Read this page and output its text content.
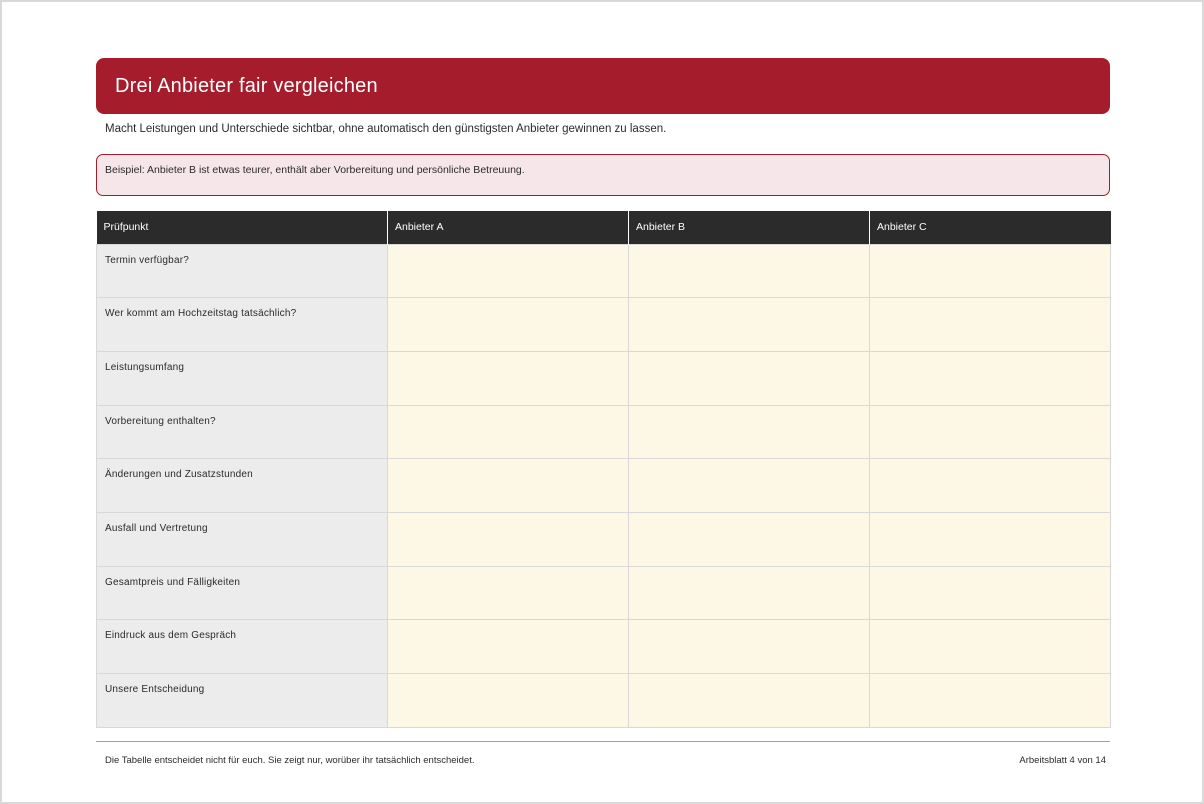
Drei Anbieter fair vergleichen

Macht Leistungen und Unterschiede sichtbar, ohne automatisch den günstigsten Anbieter gewinnen zu lassen.

Beispiel: Anbieter B ist etwas teurer, enthält aber Vorbereitung und persönliche Betreuung.
Prüfpunkt	Anbieter A	Anbieter B	Anbieter C
Termin verfügbar?			
Wer kommt am Hochzeitstag tatsächlich?			
Leistungsumfang			
Vorbereitung enthalten?			
Änderungen und Zusatzstunden			
Ausfall und Vertretung			
Gesamtpreis und Fälligkeiten			
Eindruck aus dem Gespräch			
Unsere Entscheidung			

Die Tabelle entscheidet nicht für euch. Sie zeigt nur, worüber ihr tatsächlich entscheidet.	Arbeitsblatt 4 von 14
